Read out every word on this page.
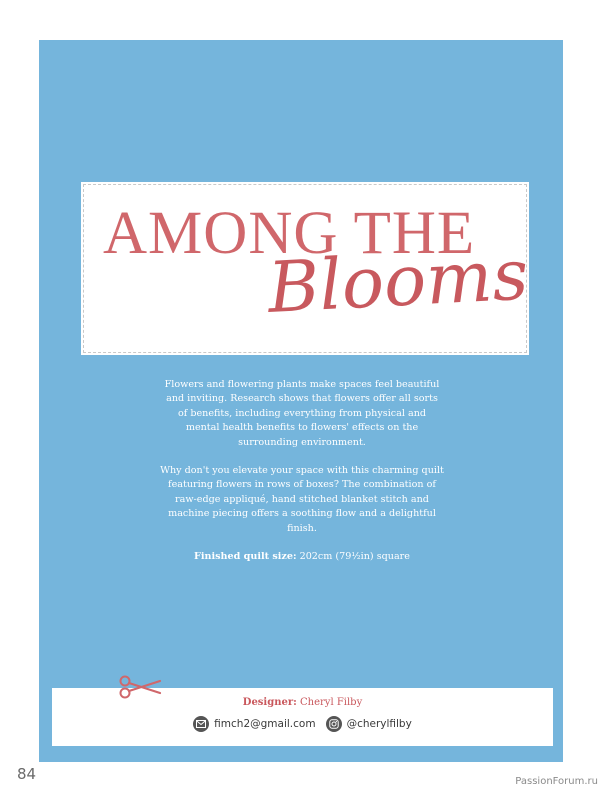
AMONG THE
Blooms

Flowers and flowering plants make spaces feel beautiful and inviting. Research shows that flowers offer all sorts of benefits, including everything from physical and mental health benefits to flowers' effects on the surrounding environment.

Why don't you elevate your space with this charming quilt featuring flowers in rows of boxes? The combination of raw-edge appliqué, hand stitched blanket stitch and machine piecing offers a soothing flow and a delightful finish.

Finished quilt size: 202cm (79½in) square

Designer: Cheryl Filby
fimch2@gmail.com	@cherylfilby
84	PassionForum.ru
